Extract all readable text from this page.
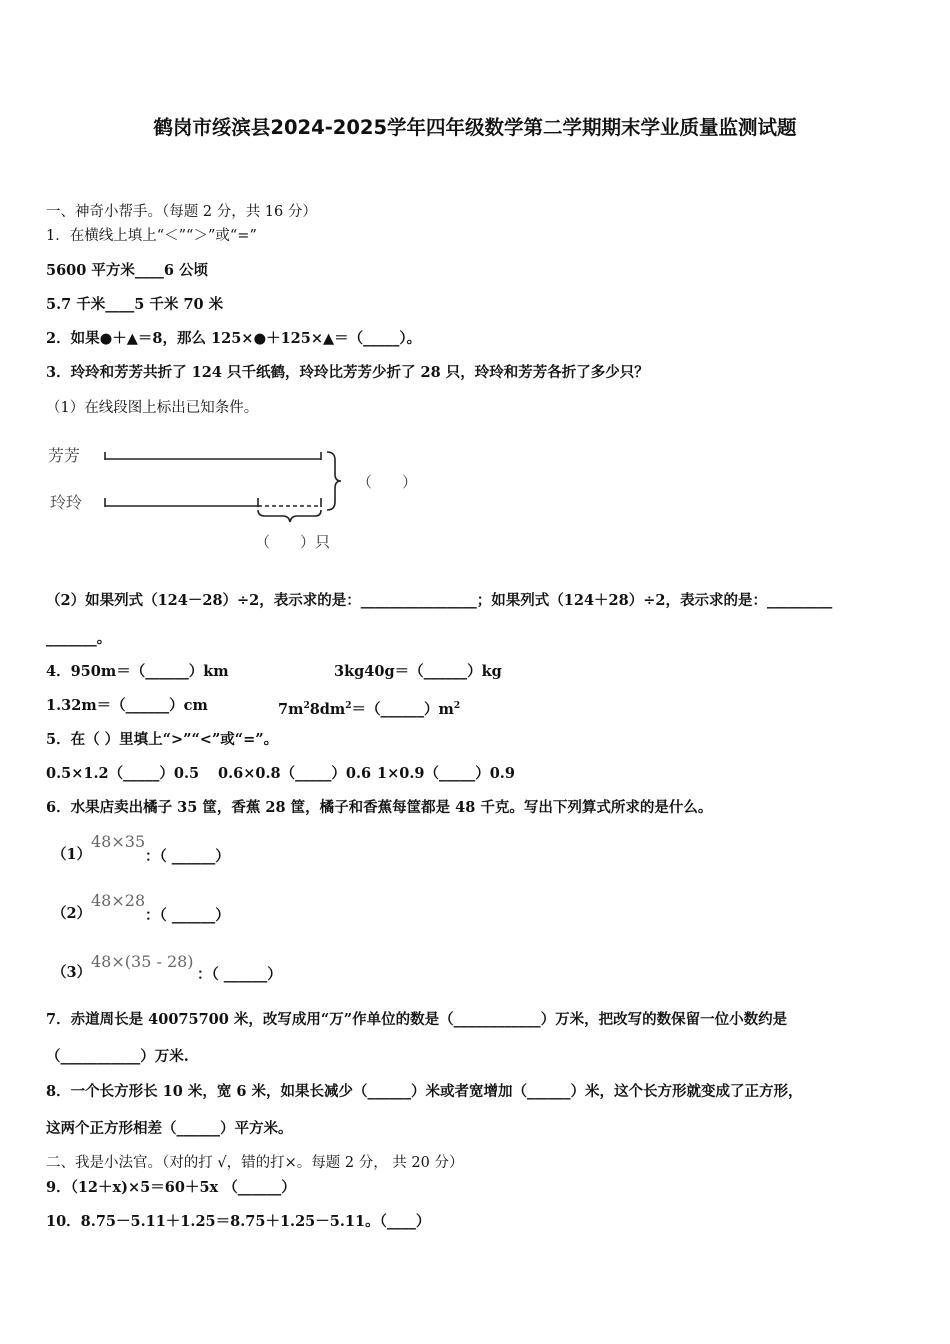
鹤岗市绥滨县2024-2025学年四年级数学第二学期期末学业质量监测试题
一、神奇小帮手。（每题 2 分，共 16 分）
1．在横线上填上“＜”“＞”或“=”
5600 平方米____6 公顷
5.7 千米____5 千米 70 米
2．如果●＋▲＝8，那么 125×●＋125×▲＝（_____）。
3．玲玲和芳芳共折了 124 只千纸鹤，玲玲比芳芳少折了 28 只，玲玲和芳芳各折了多少只？
（1）在线段图上标出已知条件。
芳芳
玲玲
（　　）
（　　）只
（2）如果列式（124－28）÷2，表示求的是：________________；如果列式（124＋28）÷2，表示求的是：_________
_______。
4．950m＝（______）km	3kg40g＝（______）kg
1.32m＝（______）cm	$7m^28dm^2=(\_\_\_\_\_\_)m^2$
5．在（ ）里填上“>”“<”或“=”。
0.5×1.2（_____）0.5 0.6×0.8（_____）0.6 1×0.9（_____）0.9
6．水果店卖出橘子 35 筐，香蕉 28 筐，橘子和香蕉每筐都是 48 千克。写出下列算式所求的是什么。
（1）
48×35
：（ ______）
（2）
48×28
：（ ______）
（3）
48×(35 - 28)
：（ ______）
7．赤道周长是 40075700 米，改写成用“万”作单位的数是（____________）万米，把改写的数保留一位小数约是
（___________）万米.
8．一个长方形长 10 米，宽 6 米，如果长减少（______）米或者宽增加（______）米，这个长方形就变成了正方形，
这两个正方形相差（______）平方米。
二、我是小法官。（对的打 √，错的打×。每题 2 分， 共 20 分）
9．（12＋x)×5＝60＋5x （______）
10．8.75－5.11＋1.25＝8.75＋1.25－5.11。（____）
